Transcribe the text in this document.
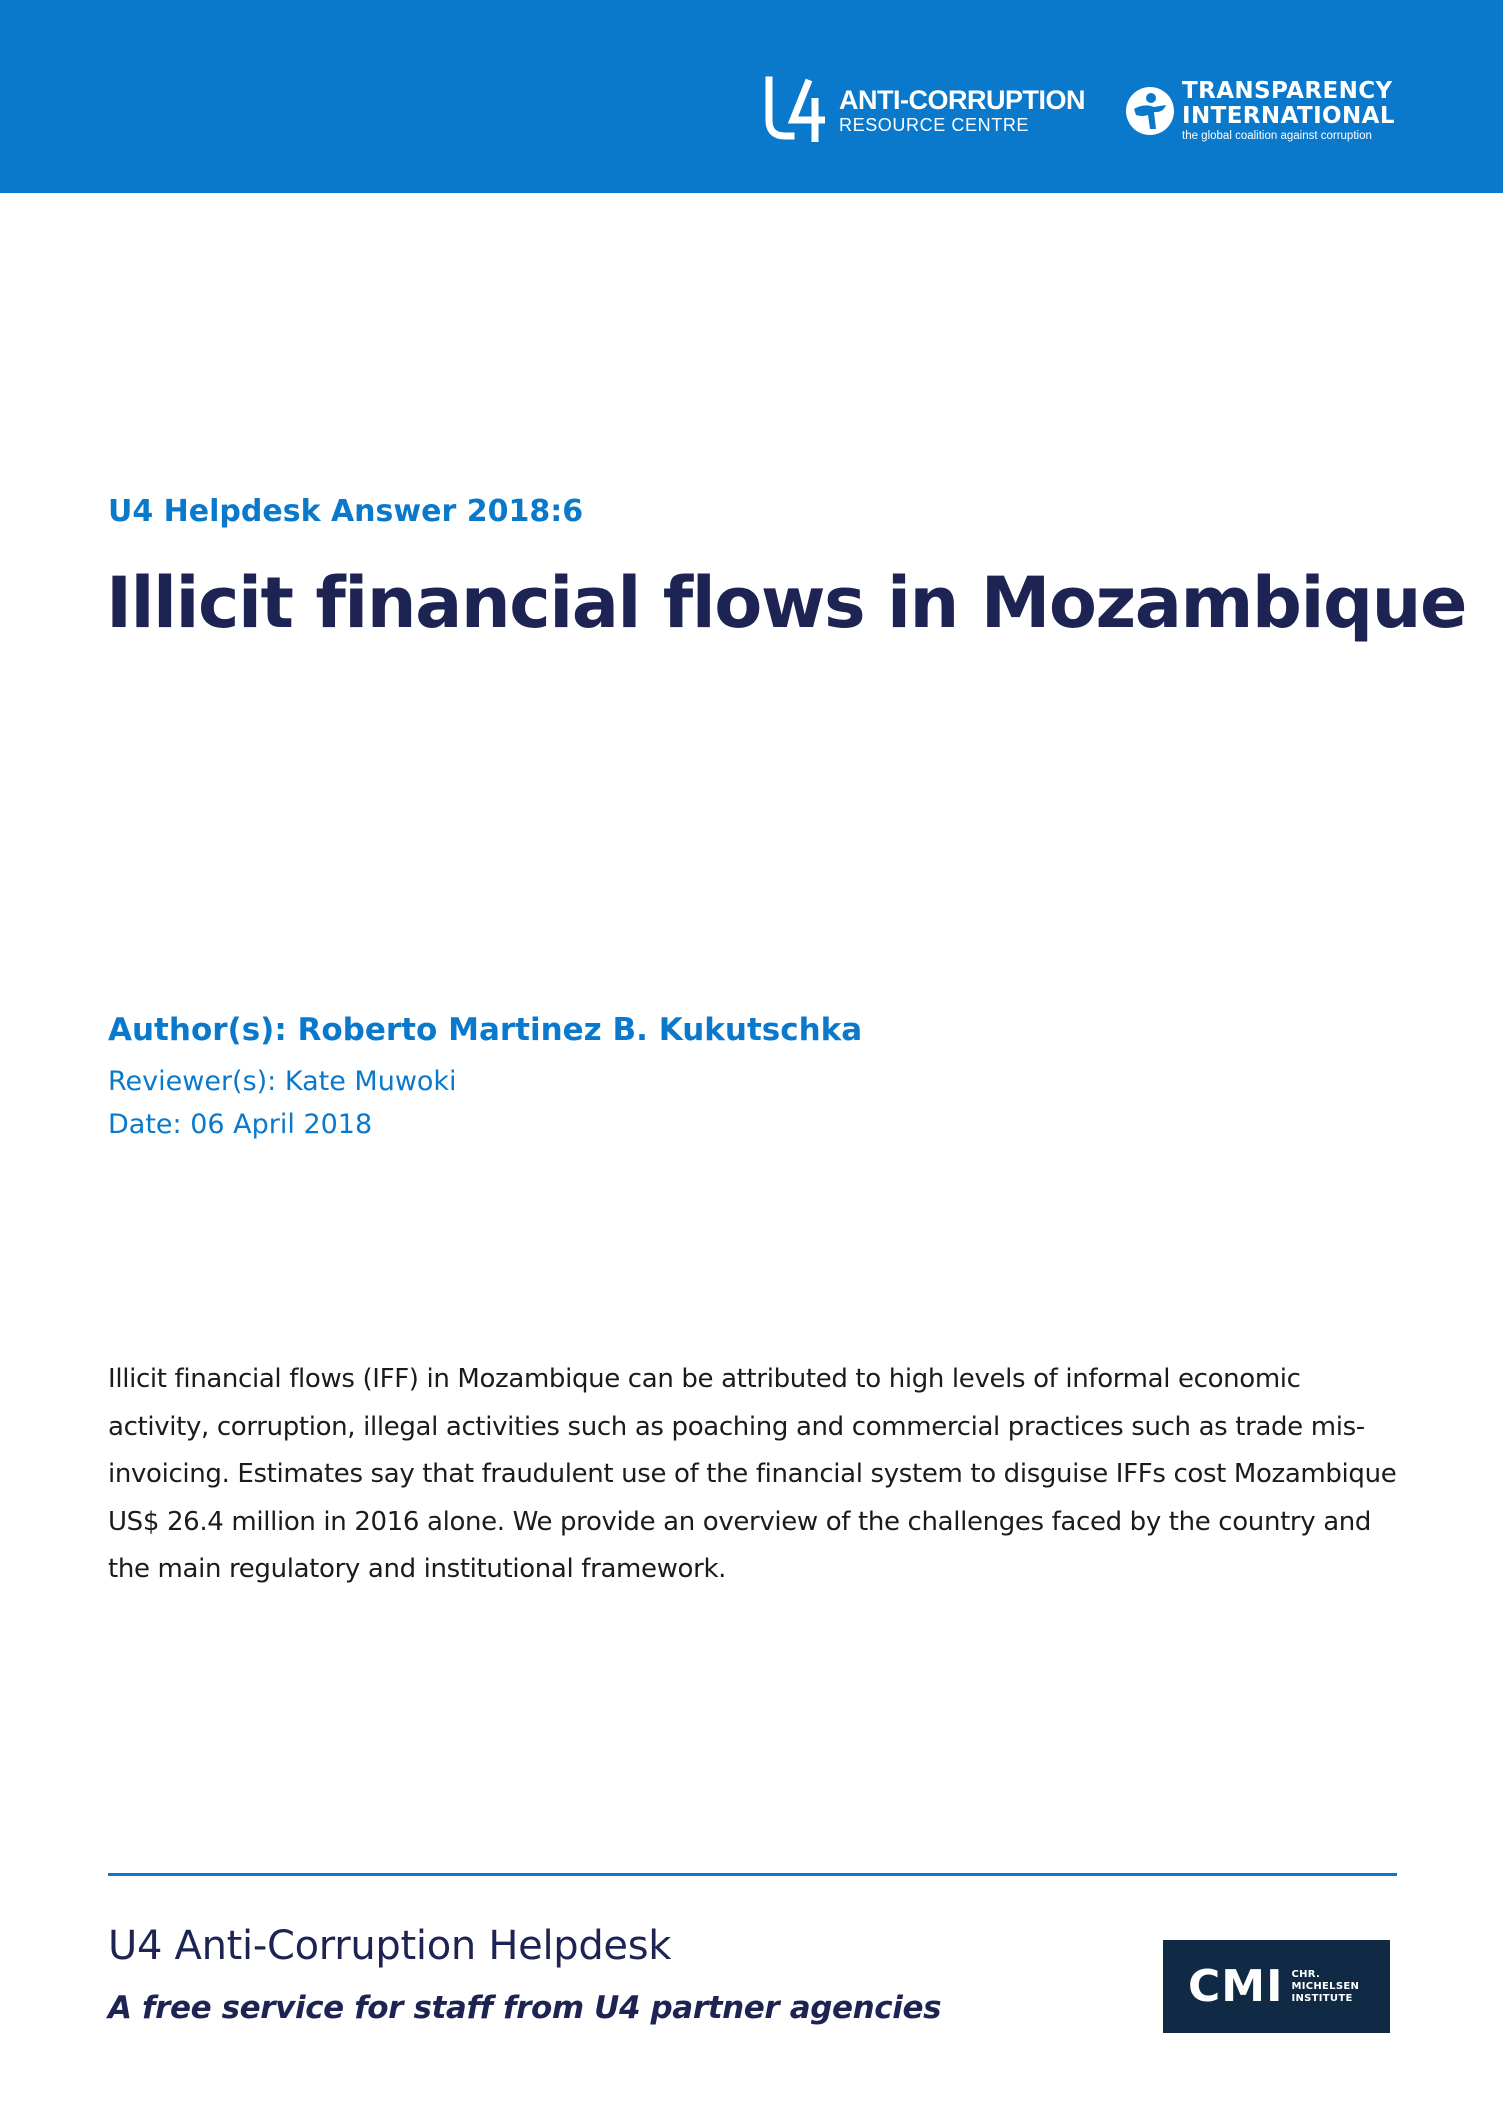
U4
ANTI-CORRUPTION
RESOURCE CENTRE
TRANSPARENCY
INTERNATIONAL
the global coalition against corruption
U4 Helpdesk Answer 2018:6
Illicit financial flows in Mozambique
Author(s): Roberto Martinez B. Kukutschka
Reviewer(s): Kate Muwoki
Date: 06 April 2018

Illicit financial flows (IFF) in Mozambique can be attributed to high levels of informal economic activity, corruption, illegal activities such as poaching and commercial practices such as trade mis-invoicing. Estimates say that fraudulent use of the financial system to disguise IFFs cost Mozambique US$ 26.4 million in 2016 alone. We provide an overview of the challenges faced by the country and the main regulatory and institutional framework.

U4 Anti-Corruption Helpdesk
A free service for staff from U4 partner agencies	CMI CHR.
MICHELSEN
INSTITUTE
